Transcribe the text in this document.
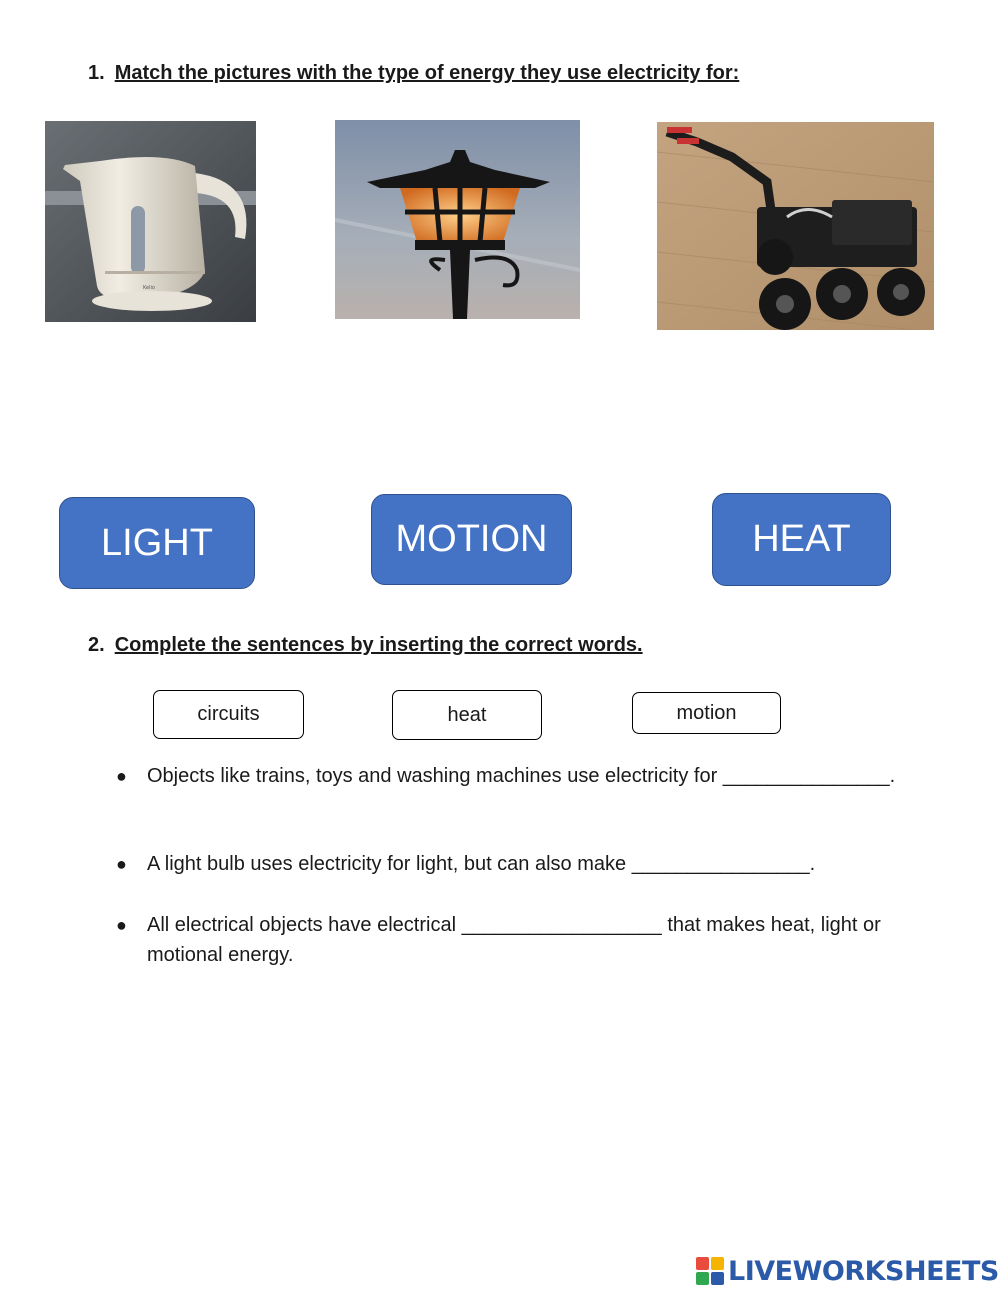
1. Match the pictures with the type of energy they use electricity for:
Kelio
LIGHT	MOTION	HEAT
2. Complete the sentences by inserting the correct words.
circuits	heat	motion
●	Objects like trains, toys and washing machines use electricity for _______________.
●	A light bulb uses electricity for light, but can also make ________________.
●	All electrical objects have electrical __________________ that makes heat, light or motional energy.
LIVEWORKSHEETS
